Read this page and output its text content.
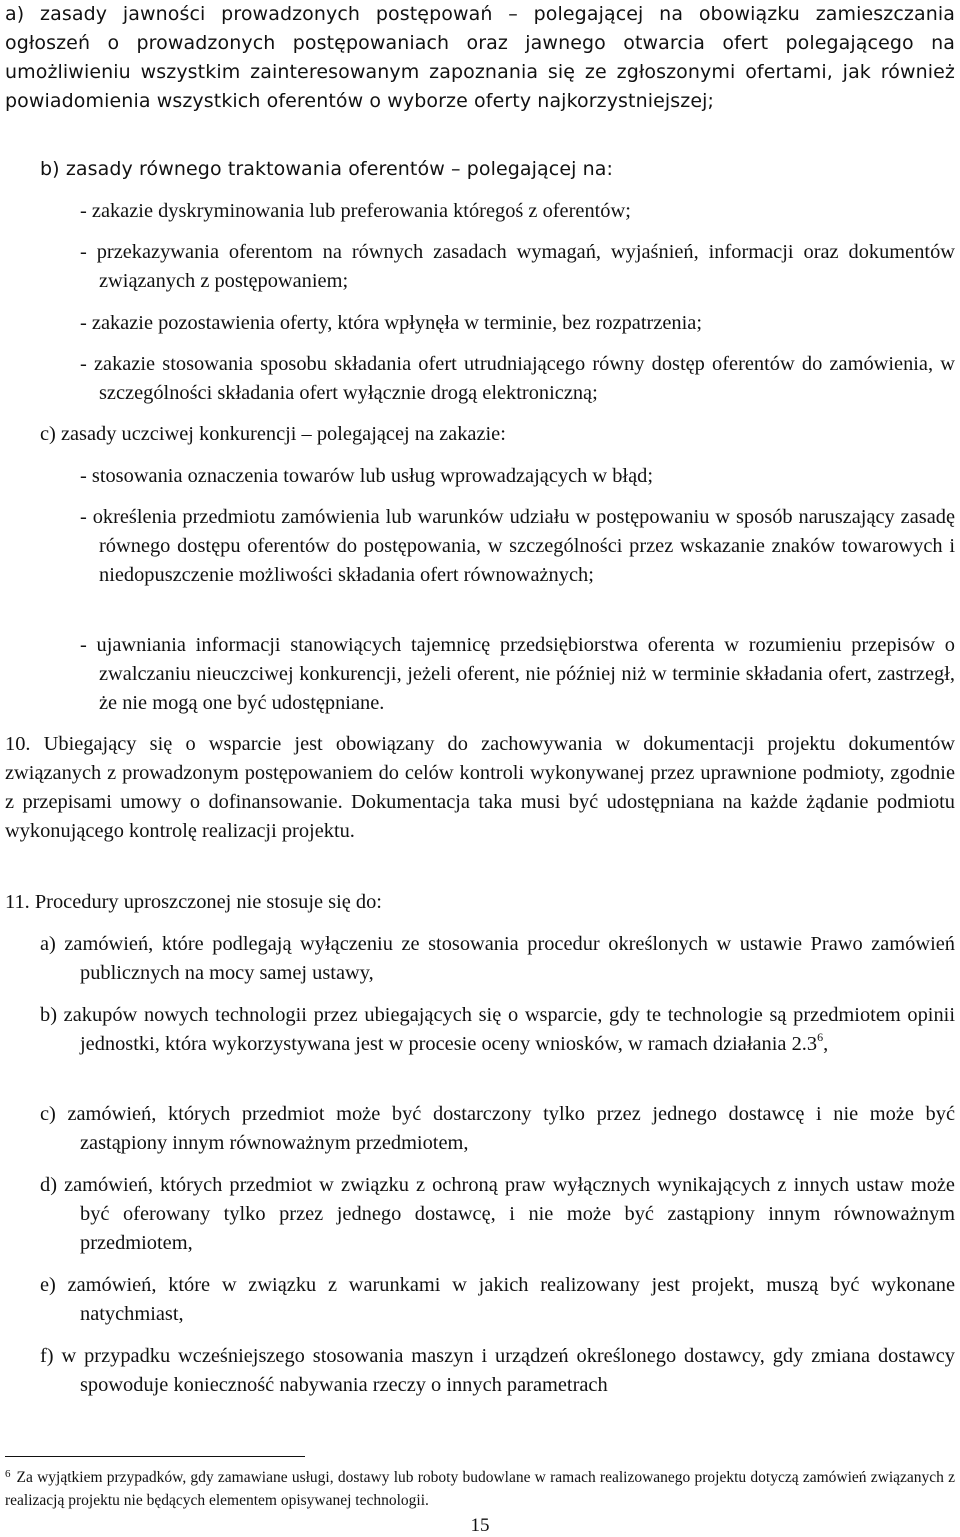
a) zasady jawności prowadzonych postępowań – polegającej na obowiązku zamieszczania ogłoszeń o prowadzonych postępowaniach oraz jawnego otwarcia ofert polegającego na umożliwieniu wszystkim zainteresowanym zapoznania się ze zgłoszonymi ofertami, jak również powiadomienia wszystkich oferentów o wyborze oferty najkorzystniejszej;

b) zasady równego traktowania oferentów – polegającej na:

- zakazie dyskryminowania lub preferowania któregoś z oferentów;

- przekazywania oferentom na równych zasadach wymagań, wyjaśnień, informacji oraz dokumentów związanych z postępowaniem;

- zakazie pozostawienia oferty, która wpłynęła w terminie, bez rozpatrzenia;

- zakazie stosowania sposobu składania ofert utrudniającego równy dostęp oferentów do zamówienia, w szczególności składania ofert wyłącznie drogą elektroniczną;

c) zasady uczciwej konkurencji – polegającej na zakazie:

- stosowania oznaczenia towarów lub usług wprowadzających w błąd;

- określenia przedmiotu zamówienia lub warunków udziału w postępowaniu w sposób naruszający zasadę równego dostępu oferentów do postępowania, w szczególności przez wskazanie znaków towarowych i niedopuszczenie możliwości składania ofert równoważnych;

- ujawniania informacji stanowiących tajemnicę przedsiębiorstwa oferenta w rozumieniu przepisów o zwalczaniu nieuczciwej konkurencji, jeżeli oferent, nie później niż w terminie składania ofert, zastrzegł, że nie mogą one być udostępniane.

10. Ubiegający się o wsparcie jest obowiązany do zachowywania w dokumentacji projektu dokumentów związanych z prowadzonym postępowaniem do celów kontroli wykonywanej przez uprawnione podmioty, zgodnie z przepisami umowy o dofinansowanie. Dokumentacja taka musi być udostępniana na każde żądanie podmiotu wykonującego kontrolę realizacji projektu.

11. Procedury uproszczonej nie stosuje się do:

a) zamówień, które podlegają wyłączeniu ze stosowania procedur określonych w ustawie Prawo zamówień publicznych na mocy samej ustawy,

b) zakupów nowych technologii przez ubiegających się o wsparcie, gdy te technologie są przedmiotem opinii jednostki, która wykorzystywana jest w procesie oceny wniosków, w ramach działania $2.3^6$,

c) zamówień, których przedmiot może być dostarczony tylko przez jednego dostawcę i nie może być zastąpiony innym równoważnym przedmiotem,

d) zamówień, których przedmiot w związku z ochroną praw wyłącznych wynikających z innych ustaw może być oferowany tylko przez jednego dostawcę, i nie może być zastąpiony innym równoważnym przedmiotem,

e) zamówień, które w związku z warunkami w jakich realizowany jest projekt, muszą być wykonane natychmiast,

f) w przypadku wcześniejszego stosowania maszyn i urządzeń określonego dostawcy, gdy zmiana dostawcy spowoduje konieczność nabywania rzeczy o innych parametrach

$^6$ Za wyjątkiem przypadków, gdy zamawiane usługi, dostawy lub roboty budowlane w ramach realizowanego projektu dotyczą zamówień związanych z realizacją projektu nie będących elementem opisywanej technologii.
15
